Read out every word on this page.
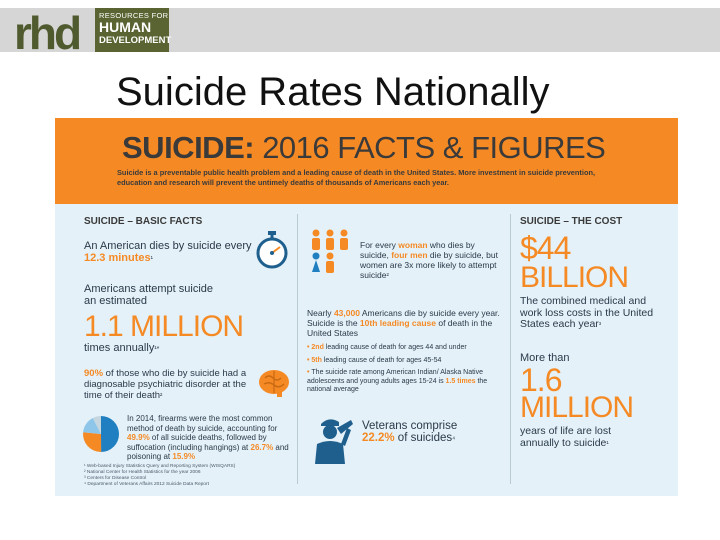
rhd	RESOURCES FOR
HUMAN
DEVELOPMENT
Suicide Rates Nationally
SUICIDE: 2016 FACTS & FIGURES
Suicide is a preventable public health problem and a leading cause of death in the United States. More investment in suicide prevention, education and research will prevent the untimely deaths of thousands of Americans each year.
SUICIDE – BASIC FACTS
An American dies by suicide every 12.3 minutes¹
Americans attempt suicide an estimated
1.1 MILLION
times annually¹*
90% of those who die by suicide had a diagnosable psychiatric disorder at the time of their death²
In 2014, firearms were the most common method of death by suicide, accounting for 49.9% of all suicide deaths, followed by suffocation (including hangings) at 26.7% and poisoning at 15.9%
¹ Web-based Injury Statistics Query and Reporting System (WISQARS)
² National Center for Health Statistics for the year 2006
³ Centers for Disease Control
⁴ Department of Veterans Affairs 2012 Suicide Data Report
For every woman who dies by suicide, four men die by suicide, but women are 3x more likely to attempt suicide²
Nearly 43,000 Americans die by suicide every year. Suicide is the 10th leading cause of death in the United States
• 2nd leading cause of death for ages 44 and under
• 5th leading cause of death for ages 45-54
• The suicide rate among American Indian/ Alaska Native adolescents and young adults ages 15-24 is 1.5 times the national average
Veterans comprise
22.2% of suicides⁴
SUICIDE – THE COST
$44
BILLION
The combined medical and work loss costs in the United States each year³
More than
1.6
MILLION
years of life are lost annually to suicide¹
